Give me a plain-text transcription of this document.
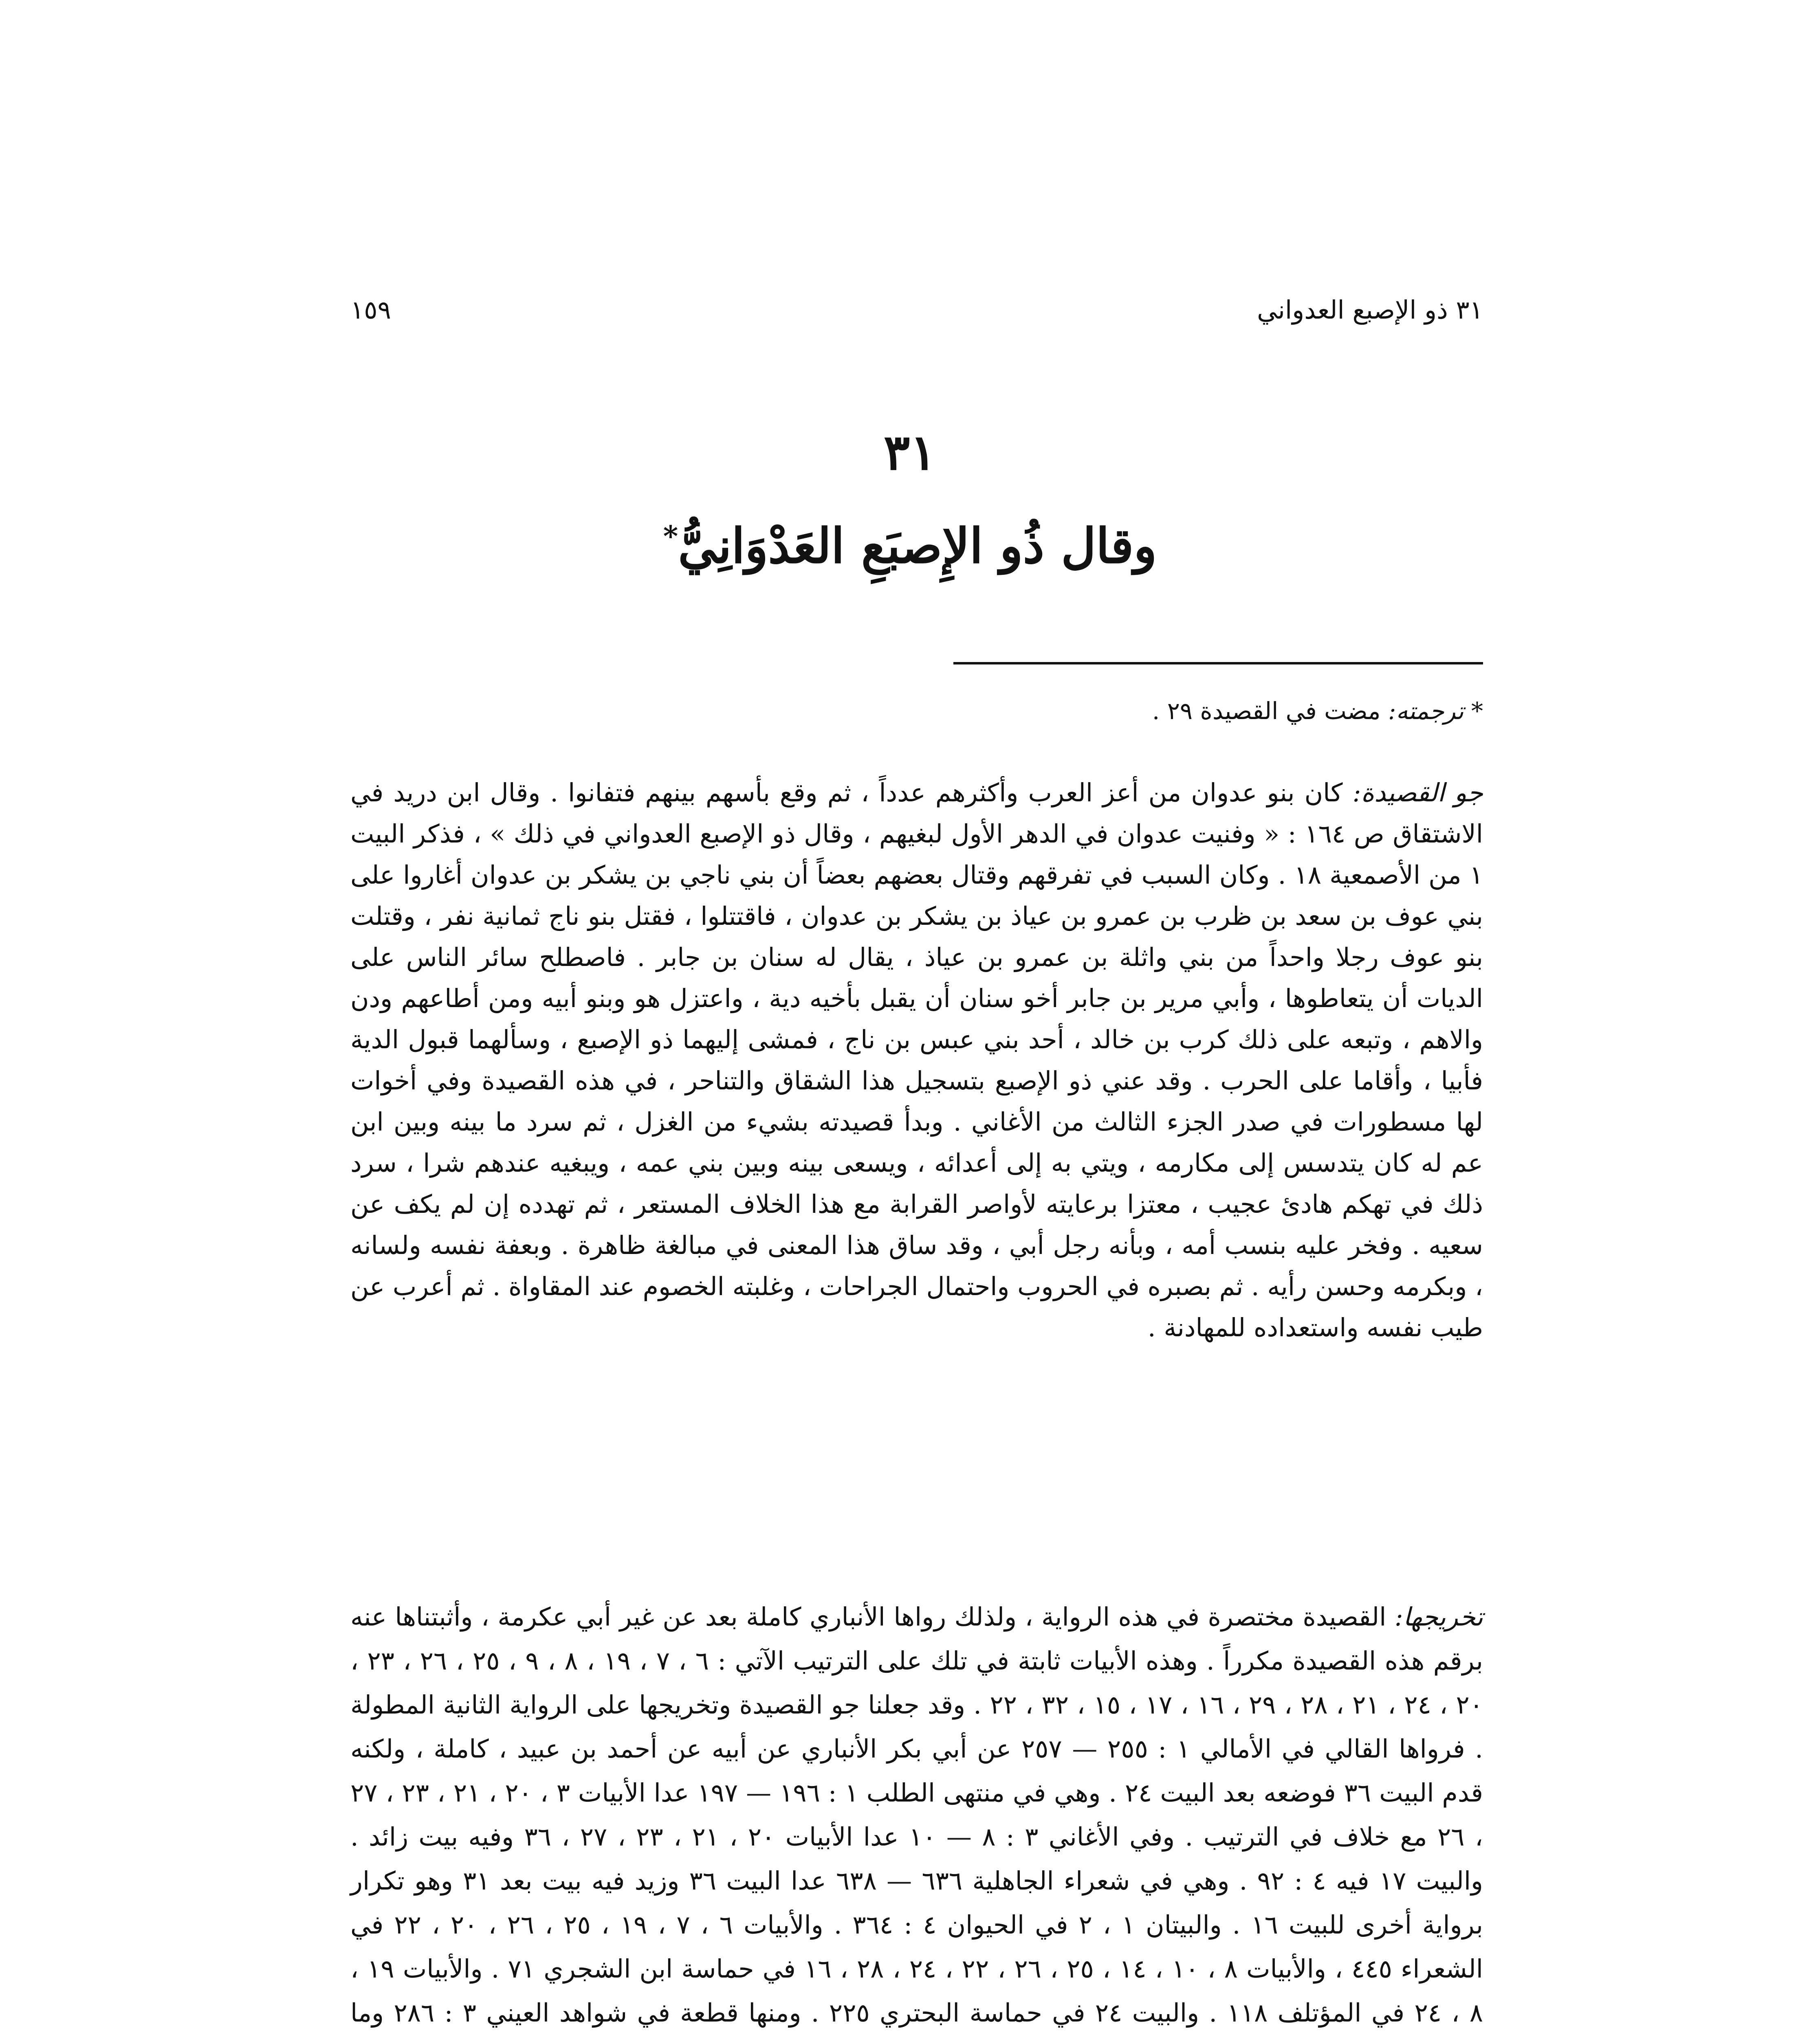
٣١ ذو الإصبع العدواني
١٥٩
٣١
وقال ذُو الإِصبَعِ العَدْوَانِيُّ*
* ترجمته: مضت في القصيدة ٢٩ .

جو القصيدة: كان بنو عدوان من أعز العرب وأكثرهم عدداً ، ثم وقع بأسهم بينهم فتفانوا . وقال ابن دريد في الاشتقاق ص ١٦٤ : « وفنيت عدوان في الدهر الأول لبغيهم ، وقال ذو الإصبع العدواني في ذلك » ، فذكر البيت ١ من الأصمعية ١٨ . وكان السبب في تفرقهم وقتال بعضهم بعضاً أن بني ناجي بن يشكر بن عدوان أغاروا على بني عوف بن سعد بن ظرب بن عمرو بن عياذ بن يشكر بن عدوان ، فاقتتلوا ، فقتل بنو ناج ثمانية نفر ، وقتلت بنو عوف رجلا واحداً من بني واثلة بن عمرو بن عياذ ، يقال له سنان بن جابر . فاصطلح سائر الناس على الديات أن يتعاطوها ، وأبي مرير بن جابر أخو سنان أن يقبل بأخيه دية ، واعتزل هو وبنو أبيه ومن أطاعهم ودن والاهم ، وتبعه على ذلك كرب بن خالد ، أحد بني عبس بن ناج ، فمشى إليهما ذو الإصبع ، وسألهما قبول الدية فأبيا ، وأقاما على الحرب . وقد عني ذو الإصبع بتسجيل هذا الشقاق والتناحر ، في هذه القصيدة وفي أخوات لها مسطورات في صدر الجزء الثالث من الأغاني . وبدأ قصيدته بشيء من الغزل ، ثم سرد ما بينه وبين ابن عم له كان يتدسس إلى مكارمه ، ويتي به إلى أعدائه ، ويسعى بينه وبين بني عمه ، ويبغيه عندهم شرا ، سرد ذلك في تهكم هادئ عجيب ، معتزا برعايته لأواصر القرابة مع هذا الخلاف المستعر ، ثم تهدده إن لم يكف عن سعيه . وفخر عليه بنسب أمه ، وبأنه رجل أبي ، وقد ساق هذا المعنى في مبالغة ظاهرة . وبعفة نفسه ولسانه ، وبكرمه وحسن رأيه . ثم بصبره في الحروب واحتمال الجراحات ، وغلبته الخصوم عند المقاواة . ثم أعرب عن طيب نفسه واستعداده للمهادنة .

تخريجها: القصيدة مختصرة في هذه الرواية ، ولذلك رواها الأنباري كاملة بعد عن غير أبي عكرمة ، وأثبتناها عنه برقم هذه القصيدة مكرراً . وهذه الأبيات ثابتة في تلك على الترتيب الآتي : ٦ ، ٧ ، ١٩ ، ٨ ، ٩ ، ٢٥ ، ٢٦ ، ٢٣ ، ٢٠ ، ٢٤ ، ٢١ ، ٢٨ ، ٢٩ ، ١٦ ، ١٧ ، ١٥ ، ٣٢ ، ٢٢ . وقد جعلنا جو القصيدة وتخريجها على الرواية الثانية المطولة . فرواها القالي في الأمالي ١ : ٢٥٥ — ٢٥٧ عن أبي بكر الأنباري عن أبيه عن أحمد بن عبيد ، كاملة ، ولكنه قدم البيت ٣٦ فوضعه بعد البيت ٢٤ . وهي في منتهى الطلب ١ : ١٩٦ — ١٩٧ عدا الأبيات ٣ ، ٢٠ ، ٢١ ، ٢٣ ، ٢٧ ، ٢٦ مع خلاف في الترتيب . وفي الأغاني ٣ : ٨ — ١٠ عدا الأبيات ٢٠ ، ٢١ ، ٢٣ ، ٢٧ ، ٣٦ وفيه بيت زائد . والبيت ١٧ فيه ٤ : ٩٢ . وهي في شعراء الجاهلية ٦٣٦ — ٦٣٨ عدا البيت ٣٦ وزيد فيه بيت بعد ٣١ وهو تكرار برواية أخرى للبيت ١٦ . والبيتان ١ ، ٢ في الحيوان ٤ : ٣٦٤ . والأبيات ٦ ، ٧ ، ١٩ ، ٢٥ ، ٢٦ ، ٢٠ ، ٢٢ في الشعراء ٤٤٥ ، والأبيات ٨ ، ١٠ ، ١٤ ، ٢٥ ، ٢٦ ، ٢٢ ، ٢٤ ، ٢٨ ، ١٦ في حماسة ابن الشجري ٧١ . والأبيات ١٩ ، ٨ ، ٢٤ في المؤتلف ١١٨ . والبيت ٢٤ في حماسة البحتري ٢٢٥ . ومنها قطعة في شواهد العيني ٣ : ٢٨٦ وما
